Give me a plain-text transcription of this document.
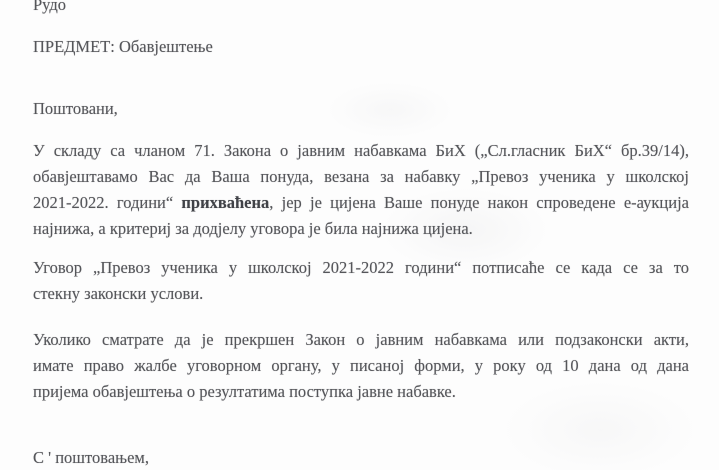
Рудо
ПРЕДМЕТ: Обавјештење
Поштовани,
У складу са чланом 71. Закона о јавним набавкама БиХ („Сл.гласник БиХ“ бр.39/14),
обавјештавамо Вас да Ваша понуда, везана за набавку „Превоз ученика у школској
2021-2022. години“ прихваћена, јер је цијена Ваше понуде након спроведене е-аукција
најнижа, а критериј за додјелу уговора је била најнижа цијена.
Уговор „Превоз ученика у школској 2021-2022 години“ потписаће се када се за то
стекну законски услови.
Уколико сматрате да је прекршен Закон о јавним набавкама или подзаконски акти,
имате право жалбе уговорном органу, у писаној форми, у року од 10 дана од дана
пријема обавјештења о резултатима поступка јавне набавке.
С ' поштовањем,
